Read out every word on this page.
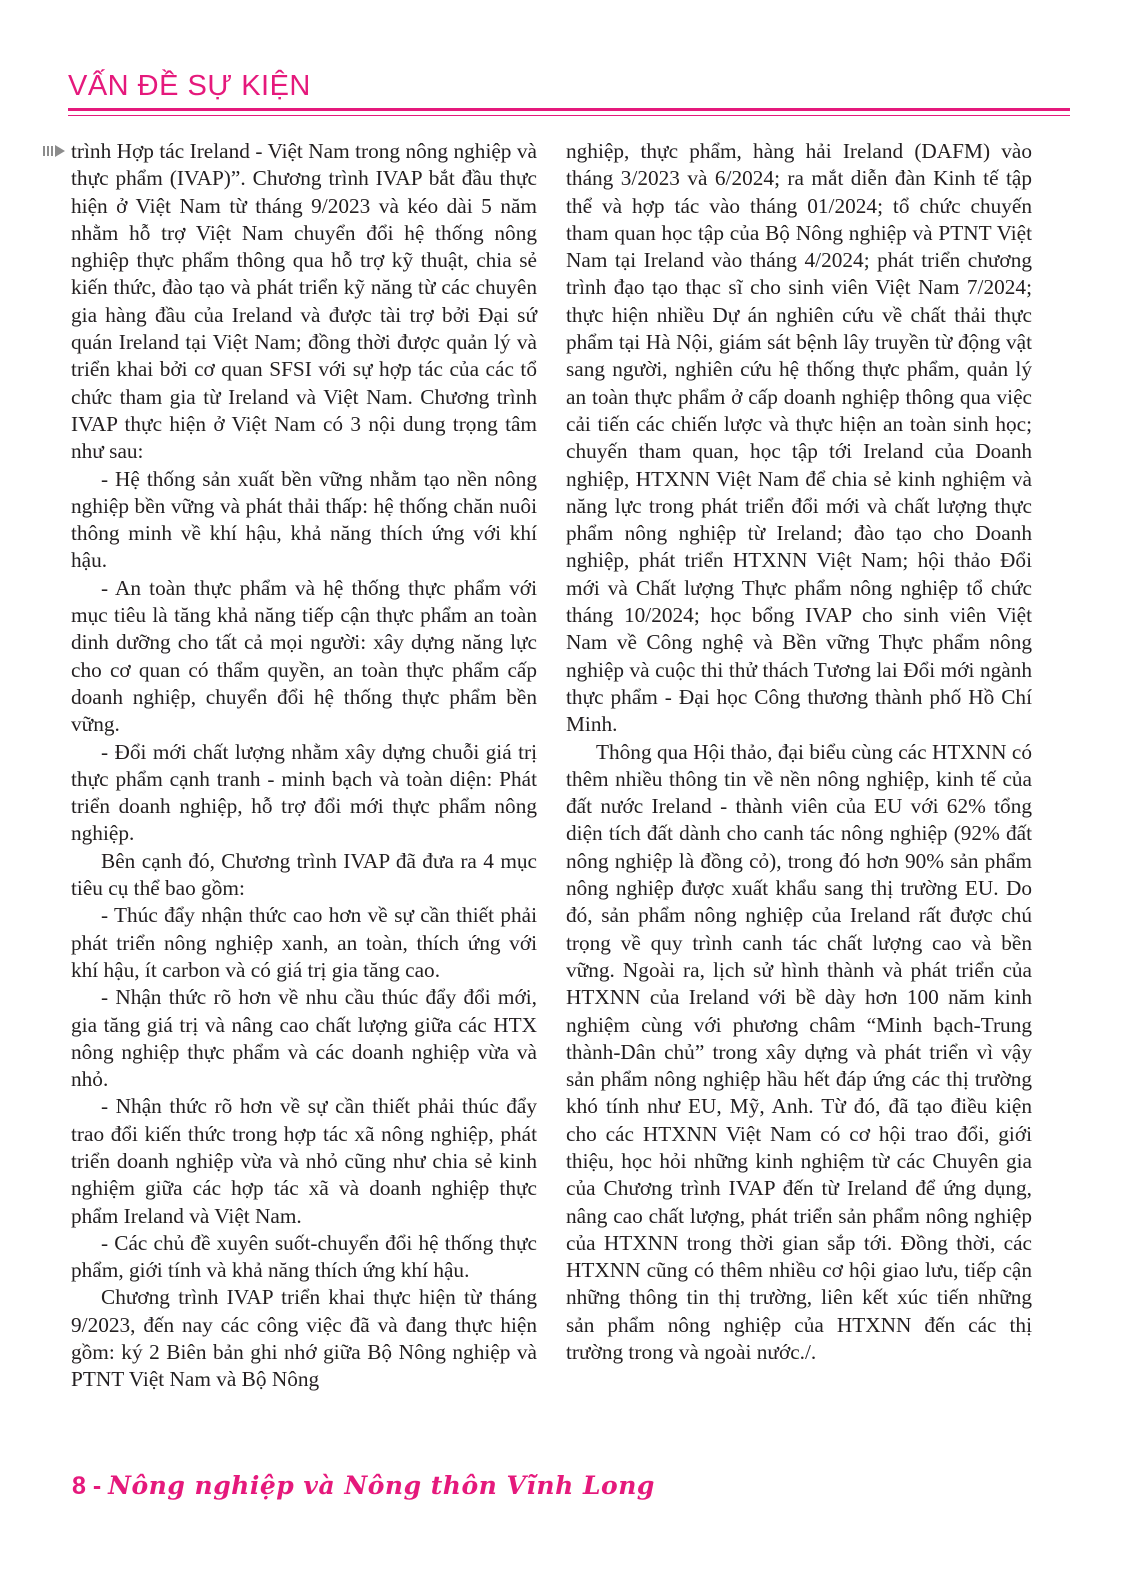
VẤN ĐỀ SỰ KIỆN

trình Hợp tác Ireland - Việt Nam trong nông nghiệp và thực phẩm (IVAP)”. Chương trình IVAP bắt đầu thực hiện ở Việt Nam từ tháng 9/2023 và kéo dài 5 năm nhằm hỗ trợ Việt Nam chuyển đổi hệ thống nông nghiệp thực phẩm thông qua hỗ trợ kỹ thuật, chia sẻ kiến thức, đào tạo và phát triển kỹ năng từ các chuyên gia hàng đầu của Ireland và được tài trợ bởi Đại sứ quán Ireland tại Việt Nam; đồng thời được quản lý và triển khai bởi cơ quan SFSI với sự hợp tác của các tổ chức tham gia từ Ireland và Việt Nam. Chương trình IVAP thực hiện ở Việt Nam có 3 nội dung trọng tâm như sau:

- Hệ thống sản xuất bền vững nhằm tạo nền nông nghiệp bền vững và phát thải thấp: hệ thống chăn nuôi thông minh về khí hậu, khả năng thích ứng với khí hậu.

- An toàn thực phẩm và hệ thống thực phẩm với mục tiêu là tăng khả năng tiếp cận thực phẩm an toàn dinh dưỡng cho tất cả mọi người: xây dựng năng lực cho cơ quan có thẩm quyền, an toàn thực phẩm cấp doanh nghiệp, chuyển đổi hệ thống thực phẩm bền vững.

- Đổi mới chất lượng nhằm xây dựng chuỗi giá trị thực phẩm cạnh tranh - minh bạch và toàn diện: Phát triển doanh nghiệp, hỗ trợ đổi mới thực phẩm nông nghiệp.

Bên cạnh đó, Chương trình IVAP đã đưa ra 4 mục tiêu cụ thể bao gồm:

- Thúc đẩy nhận thức cao hơn về sự cần thiết phải phát triển nông nghiệp xanh, an toàn, thích ứng với khí hậu, ít carbon và có giá trị gia tăng cao.

- Nhận thức rõ hơn về nhu cầu thúc đẩy đổi mới, gia tăng giá trị và nâng cao chất lượng giữa các HTX nông nghiệp thực phẩm và các doanh nghiệp vừa và nhỏ.

- Nhận thức rõ hơn về sự cần thiết phải thúc đẩy trao đổi kiến thức trong hợp tác xã nông nghiệp, phát triển doanh nghiệp vừa và nhỏ cũng như chia sẻ kinh nghiệm giữa các hợp tác xã và doanh nghiệp thực phẩm Ireland và Việt Nam.

- Các chủ đề xuyên suốt-chuyển đổi hệ thống thực phẩm, giới tính và khả năng thích ứng khí hậu.

Chương trình IVAP triển khai thực hiện từ tháng 9/2023, đến nay các công việc đã và đang thực hiện gồm: ký 2 Biên bản ghi nhớ giữa Bộ Nông nghiệp và PTNT Việt Nam và Bộ Nông

nghiệp, thực phẩm, hàng hải Ireland (DAFM) vào tháng 3/2023 và 6/2024; ra mắt diễn đàn Kinh tế tập thể và hợp tác vào tháng 01/2024; tổ chức chuyến tham quan học tập của Bộ Nông nghiệp và PTNT Việt Nam tại Ireland vào tháng 4/2024; phát triển chương trình đạo tạo thạc sĩ cho sinh viên Việt Nam 7/2024; thực hiện nhiều Dự án nghiên cứu về chất thải thực phẩm tại Hà Nội, giám sát bệnh lây truyền từ động vật sang người, nghiên cứu hệ thống thực phẩm, quản lý an toàn thực phẩm ở cấp doanh nghiệp thông qua việc cải tiến các chiến lược và thực hiện an toàn sinh học; chuyến tham quan, học tập tới Ireland của Doanh nghiệp, HTXNN Việt Nam để chia sẻ kinh nghiệm và năng lực trong phát triển đổi mới và chất lượng thực phẩm nông nghiệp từ Ireland; đào tạo cho Doanh nghiệp, phát triển HTXNN Việt Nam; hội thảo Đổi mới và Chất lượng Thực phẩm nông nghiệp tổ chức tháng 10/2024; học bổng IVAP cho sinh viên Việt Nam về Công nghệ và Bền vững Thực phẩm nông nghiệp và cuộc thi thử thách Tương lai Đổi mới ngành thực phẩm - Đại học Công thương thành phố Hồ Chí Minh.

Thông qua Hội thảo, đại biểu cùng các HTXNN có thêm nhiều thông tin về nền nông nghiệp, kinh tế của đất nước Ireland - thành viên của EU với 62% tổng diện tích đất dành cho canh tác nông nghiệp (92% đất nông nghiệp là đồng cỏ), trong đó hơn 90% sản phẩm nông nghiệp được xuất khẩu sang thị trường EU. Do đó, sản phẩm nông nghiệp của Ireland rất được chú trọng về quy trình canh tác chất lượng cao và bền vững. Ngoài ra, lịch sử hình thành và phát triển của HTXNN của Ireland với bề dày hơn 100 năm kinh nghiệm cùng với phương châm “Minh bạch-Trung thành-Dân chủ” trong xây dựng và phát triển vì vậy sản phẩm nông nghiệp hầu hết đáp ứng các thị trường khó tính như EU, Mỹ, Anh. Từ đó, đã tạo điều kiện cho các HTXNN Việt Nam có cơ hội trao đổi, giới thiệu, học hỏi những kinh nghiệm từ các Chuyên gia của Chương trình IVAP đến từ Ireland để ứng dụng, nâng cao chất lượng, phát triển sản phẩm nông nghiệp của HTXNN trong thời gian sắp tới. Đồng thời, các HTXNN cũng có thêm nhiều cơ hội giao lưu, tiếp cận những thông tin thị trường, liên kết xúc tiến những sản phẩm nông nghiệp của HTXNN đến các thị trường trong và ngoài nước./.

8 - Nông nghiệp và Nông thôn Vĩnh Long
